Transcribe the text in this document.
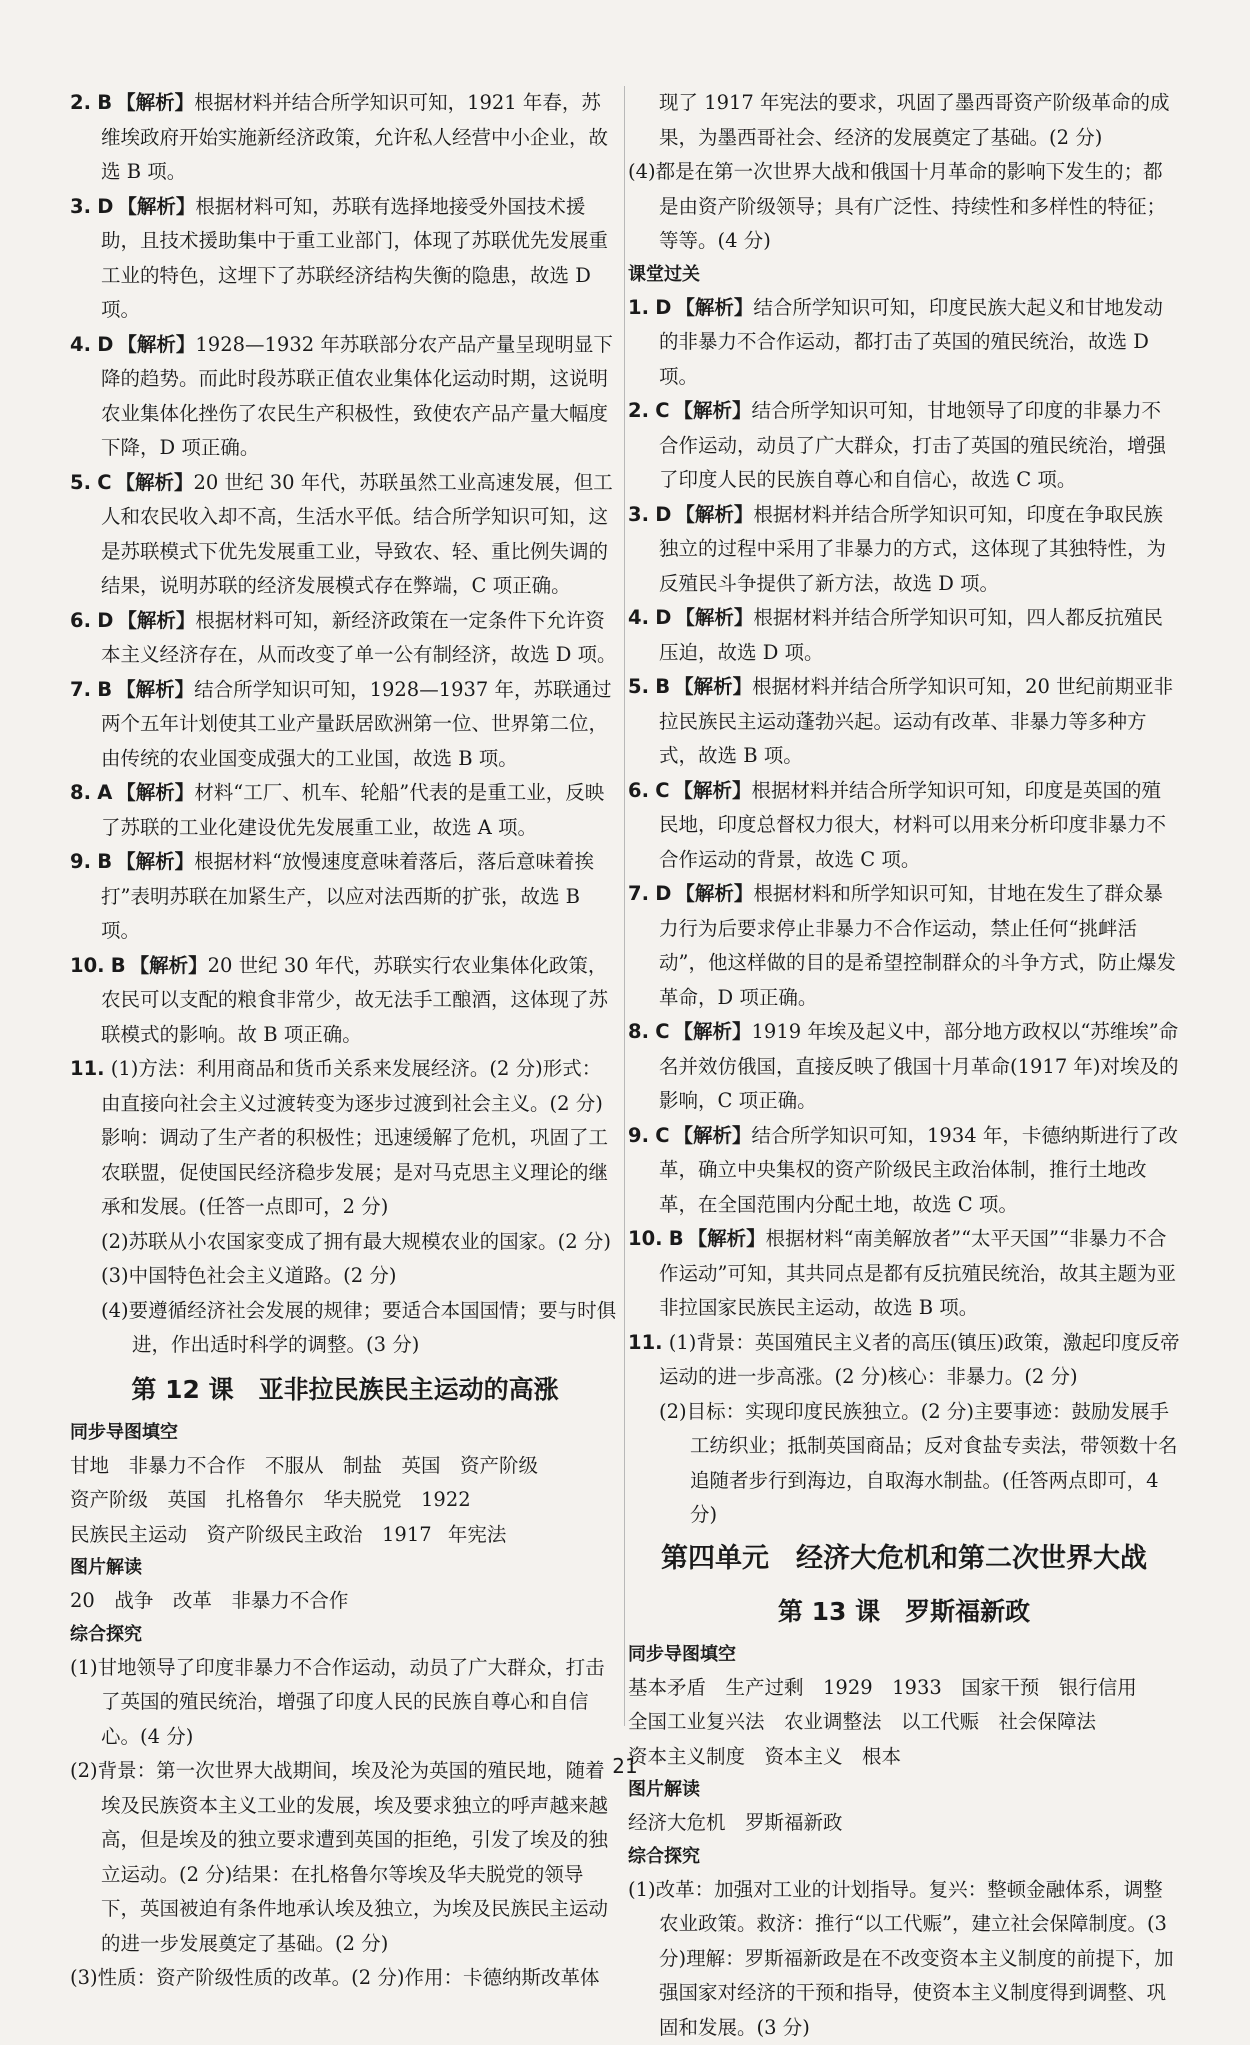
2. B 【解析】根据材料并结合所学知识可知，1921 年春，苏维埃政府开始实施新经济政策，允许私人经营中小企业，故选 B 项。
3. D 【解析】根据材料可知，苏联有选择地接受外国技术援助，且技术援助集中于重工业部门，体现了苏联优先发展重工业的特色，这埋下了苏联经济结构失衡的隐患，故选 D 项。
4. D 【解析】1928—1932 年苏联部分农产品产量呈现明显下降的趋势。而此时段苏联正值农业集体化运动时期，这说明农业集体化挫伤了农民生产积极性，致使农产品产量大幅度下降，D 项正确。
5. C 【解析】20 世纪 30 年代，苏联虽然工业高速发展，但工人和农民收入却不高，生活水平低。结合所学知识可知，这是苏联模式下优先发展重工业，导致农、轻、重比例失调的结果，说明苏联的经济发展模式存在弊端，C 项正确。
6. D 【解析】根据材料可知，新经济政策在一定条件下允许资本主义经济存在，从而改变了单一公有制经济，故选 D 项。
7. B 【解析】结合所学知识可知，1928—1937 年，苏联通过两个五年计划使其工业产量跃居欧洲第一位、世界第二位，由传统的农业国变成强大的工业国，故选 B 项。
8. A 【解析】材料“工厂、机车、轮船”代表的是重工业，反映了苏联的工业化建设优先发展重工业，故选 A 项。
9. B 【解析】根据材料“放慢速度意味着落后，落后意味着挨打”表明苏联在加紧生产，以应对法西斯的扩张，故选 B 项。
10. B 【解析】20 世纪 30 年代，苏联实行农业集体化政策，农民可以支配的粮食非常少，故无法手工酿酒，这体现了苏联模式的影响。故 B 项正确。
11. (1)方法：利用商品和货币关系来发展经济。(2 分)形式：由直接向社会主义过渡转变为逐步过渡到社会主义。(2 分)影响：调动了生产者的积极性；迅速缓解了危机，巩固了工农联盟，促使国民经济稳步发展；是对马克思主义理论的继承和发展。(任答一点即可，2 分)
(2)苏联从小农国家变成了拥有最大规模农业的国家。(2 分)
(3)中国特色社会主义道路。(2 分)
(4)要遵循经济社会发展的规律；要适合本国国情；要与时俱进，作出适时科学的调整。(3 分)
第 12 课　亚非拉民族民主运动的高涨
同步导图填空
甘地　非暴力不合作　不服从　制盐　英国　资产阶级
资产阶级　英国　扎格鲁尔　华夫脱党　1922
民族民主运动　资产阶级民主政治　1917 年宪法
图片解读
20　战争　改革　非暴力不合作
综合探究
(1)甘地领导了印度非暴力不合作运动，动员了广大群众，打击了英国的殖民统治，增强了印度人民的民族自尊心和自信心。(4 分)
(2)背景：第一次世界大战期间，埃及沦为英国的殖民地，随着埃及民族资本主义工业的发展，埃及要求独立的呼声越来越高，但是埃及的独立要求遭到英国的拒绝，引发了埃及的独立运动。(2 分)结果：在扎格鲁尔等埃及华夫脱党的领导下，英国被迫有条件地承认埃及独立，为埃及民族民主运动的进一步发展奠定了基础。(2 分)
(3)性质：资产阶级性质的改革。(2 分)作用：卡德纳斯改革体
现了 1917 年宪法的要求，巩固了墨西哥资产阶级革命的成果，为墨西哥社会、经济的发展奠定了基础。(2 分)
(4)都是在第一次世界大战和俄国十月革命的影响下发生的；都是由资产阶级领导；具有广泛性、持续性和多样性的特征；等等。(4 分)
课堂过关
1. D 【解析】结合所学知识可知，印度民族大起义和甘地发动的非暴力不合作运动，都打击了英国的殖民统治，故选 D 项。
2. C 【解析】结合所学知识可知，甘地领导了印度的非暴力不合作运动，动员了广大群众，打击了英国的殖民统治，增强了印度人民的民族自尊心和自信心，故选 C 项。
3. D 【解析】根据材料并结合所学知识可知，印度在争取民族独立的过程中采用了非暴力的方式，这体现了其独特性，为反殖民斗争提供了新方法，故选 D 项。
4. D 【解析】根据材料并结合所学知识可知，四人都反抗殖民压迫，故选 D 项。
5. B 【解析】根据材料并结合所学知识可知，20 世纪前期亚非拉民族民主运动蓬勃兴起。运动有改革、非暴力等多种方式，故选 B 项。
6. C 【解析】根据材料并结合所学知识可知，印度是英国的殖民地，印度总督权力很大，材料可以用来分析印度非暴力不合作运动的背景，故选 C 项。
7. D 【解析】根据材料和所学知识可知，甘地在发生了群众暴力行为后要求停止非暴力不合作运动，禁止任何“挑衅活动”，他这样做的目的是希望控制群众的斗争方式，防止爆发革命，D 项正确。
8. C 【解析】1919 年埃及起义中，部分地方政权以“苏维埃”命名并效仿俄国，直接反映了俄国十月革命(1917 年)对埃及的影响，C 项正确。
9. C 【解析】结合所学知识可知，1934 年，卡德纳斯进行了改革，确立中央集权的资产阶级民主政治体制，推行土地改革，在全国范围内分配土地，故选 C 项。
10. B 【解析】根据材料“南美解放者”“太平天国”“非暴力不合作运动”可知，其共同点是都有反抗殖民统治，故其主题为亚非拉国家民族民主运动，故选 B 项。
11. (1)背景：英国殖民主义者的高压(镇压)政策，激起印度反帝运动的进一步高涨。(2 分)核心：非暴力。(2 分)
(2)目标：实现印度民族独立。(2 分)主要事迹：鼓励发展手工纺织业；抵制英国商品；反对食盐专卖法，带领数十名追随者步行到海边，自取海水制盐。(任答两点即可，4 分)
第四单元　经济大危机和第二次世界大战
第 13 课　罗斯福新政
同步导图填空
基本矛盾　生产过剩　1929　1933　国家干预　银行信用
全国工业复兴法　农业调整法　以工代赈　社会保障法
资本主义制度　资本主义　根本
图片解读
经济大危机　罗斯福新政
综合探究
(1)改革：加强对工业的计划指导。复兴：整顿金融体系，调整农业政策。救济：推行“以工代赈”，建立社会保障制度。(3 分)理解：罗斯福新政是在不改变资本主义制度的前提下，加强国家对经济的干预和指导，使资本主义制度得到调整、巩固和发展。(3 分)
21
